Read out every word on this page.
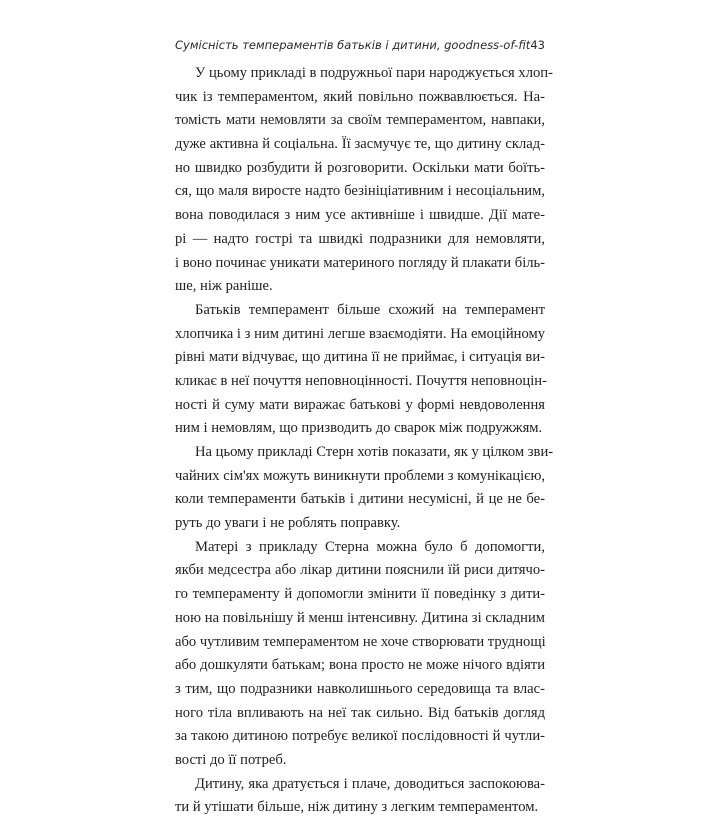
Сумісність темпераментів батьків і дитини, goodness-of-fit 43
У цьому прикладі в подружньої пари народжується хлоп-
чик із темпераментом, який повільно пожвавлюється. На-
томість мати немовляти за своїм темпераментом, навпаки,
дуже активна й соціальна. Її засмучує те, що дитину склад-
но швидко розбудити й розговорити. Оскільки мати боїть-
ся, що маля виросте надто безініціативним і несоціальним,
вона поводилася з ним усе активніше і швидше. Дії мате-
рі — надто гострі та швидкі подразники для немовляти,
і воно починає уникати материного погляду й плакати біль-
ше, ніж раніше.
Батьків темперамент більше схожий на темперамент
хлопчика і з ним дитині легше взаємодіяти. На емоційному
рівні мати відчуває, що дитина її не приймає, і ситуація ви-
кликає в неї почуття неповноцінності. Почуття неповноцін-
ності й суму мати виражає батькові у формі невдоволення
ним і немовлям, що призводить до сварок між подружжям.
На цьому прикладі Стерн хотів показати, як у цілком зви-
чайних сім'ях можуть виникнути проблеми з комунікацією,
коли темпераменти батьків і дитини несумісні, й це не бе-
руть до уваги і не роблять поправку.
Матері з прикладу Стерна можна було б допомогти,
якби медсестра або лікар дитини пояснили їй риси дитячо-
го темпераменту й допомогли змінити її поведінку з дити-
ною на повільнішу й менш інтенсивну. Дитина зі складним
або чутливим темпераментом не хоче створювати труднощі
або дошкуляти батькам; вона просто не може нічого вдіяти
з тим, що подразники навколишнього середовища та влас-
ного тіла впливають на неї так сильно. Від батьків догляд
за такою дитиною потребує великої послідовності й чутли-
вості до її потреб.
Дитину, яка дратується і плаче, доводиться заспокоюва-
ти й утішати більше, ніж дитину з легким темпераментом.
